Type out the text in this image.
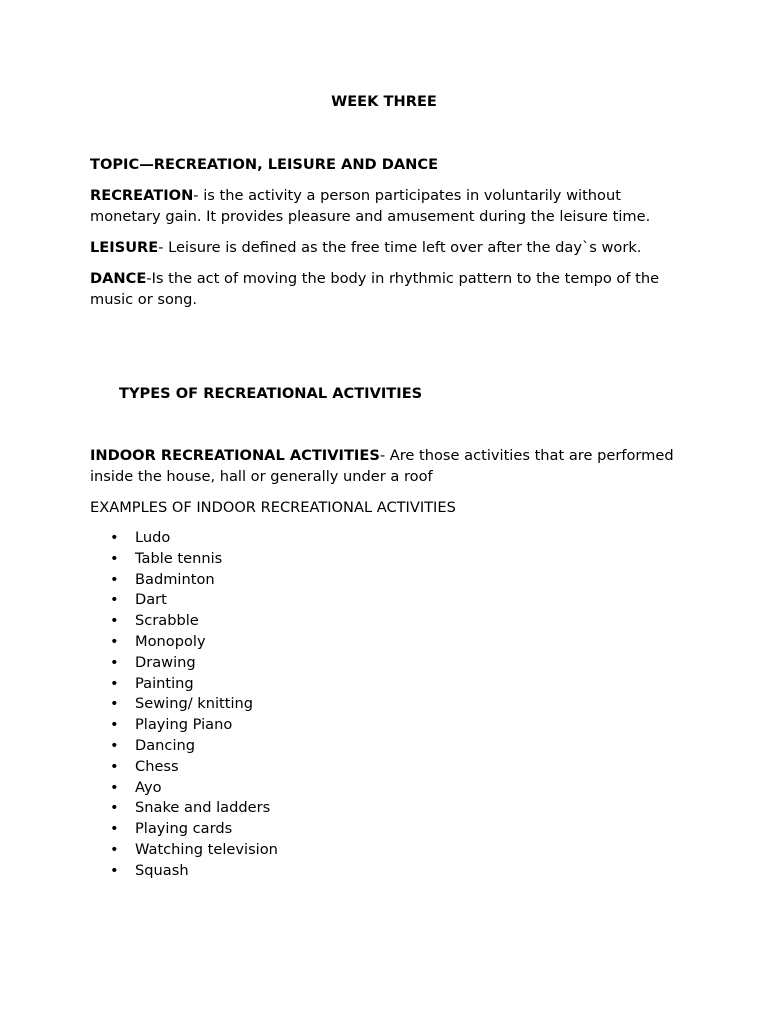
WEEK THREE

TOPIC—RECREATION, LEISURE AND DANCE

RECREATION- is the activity a person participates in voluntarily without monetary gain. It provides pleasure and amusement during the leisure time.

LEISURE- Leisure is defined as the free time left over after the day`s work.

DANCE-Is the act of moving the body in rhythmic pattern to the tempo of the music or song.

TYPES OF RECREATIONAL ACTIVITIES

INDOOR RECREATIONAL ACTIVITIES- Are those activities that are performed inside the house, hall or generally under a roof

EXAMPLES OF INDOOR RECREATIONAL ACTIVITIES

• Ludo
• Table tennis
• Badminton
• Dart
• Scrabble
• Monopoly
• Drawing
• Painting
• Sewing/ knitting
• Playing Piano
• Dancing
• Chess
• Ayo
• Snake and ladders
• Playing cards
• Watching television
• Squash
